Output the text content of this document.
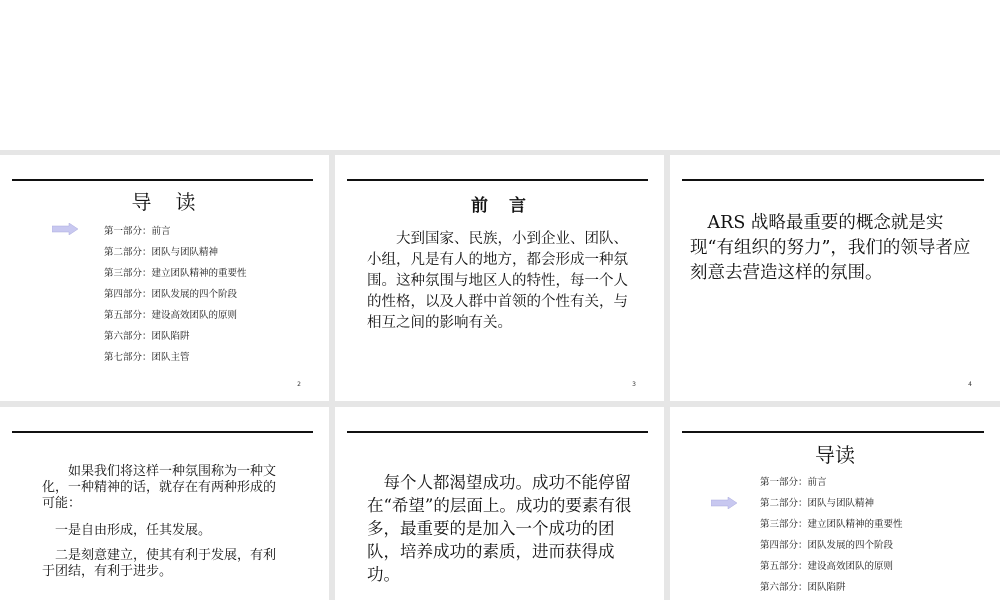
导　读
第一部分：前言
第二部分：团队与团队精神
第三部分：建立团队精神的重要性
第四部分：团队发展的四个阶段
第五部分：建设高效团队的原则
第六部分：团队陷阱
第七部分：团队主管
2
前　言
　　大到国家、民族，小到企业、团队、小组，凡是有人的地方，都会形成一种氛围。这种氛围与地区人的特性，每一个人的性格，以及人群中首领的个性有关，与相互之间的影响有关。
3
　ARS 战略最重要的概念就是实现“有组织的努力”，我们的领导者应刻意去营造这样的氛围。
4
　　如果我们将这样一种氛围称为一种文化，一种精神的话，就存在有两种形成的可能：
　一是自由形成，任其发展。
　二是刻意建立，使其有利于发展，有利于团结，有利于进步。
　每个人都渴望成功。成功不能停留在“希望”的层面上。成功的要素有很多，最重要的是加入一个成功的团队，培养成功的素质，进而获得成功。
导读
第一部分：前言
第二部分：团队与团队精神
第三部分：建立团队精神的重要性
第四部分：团队发展的四个阶段
第五部分：建设高效团队的原则
第六部分：团队陷阱
